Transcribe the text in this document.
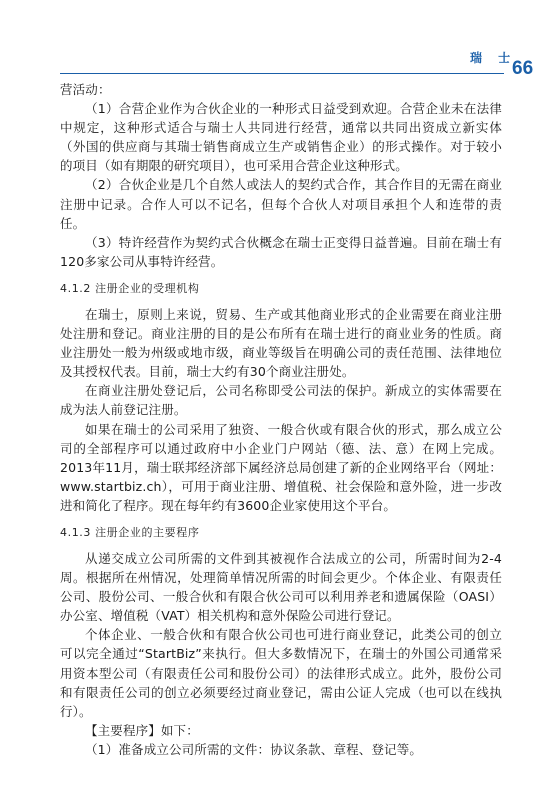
瑞 士
66

营活动：

（1）合营企业作为合伙企业的一种形式日益受到欢迎。合营企业未在法律中规定，这种形式适合与瑞士人共同进行经营，通常以共同出资成立新实体（外国的供应商与其瑞士销售商成立生产或销售企业）的形式操作。对于较小的项目（如有期限的研究项目），也可采用合营企业这种形式。

（2）合伙企业是几个自然人或法人的契约式合作，其合作目的无需在商业注册中记录。合作人可以不记名，但每个合伙人对项目承担个人和连带的责任。

（3）特许经营作为契约式合伙概念在瑞士正变得日益普遍。目前在瑞士有120多家公司从事特许经营。

4.1.2 注册企业的受理机构

在瑞士，原则上来说，贸易、生产或其他商业形式的企业需要在商业注册处注册和登记。商业注册的目的是公布所有在瑞士进行的商业业务的性质。商业注册处一般为州级或地市级，商业等级旨在明确公司的责任范围、法律地位及其授权代表。目前，瑞士大约有30个商业注册处。

在商业注册处登记后，公司名称即受公司法的保护。新成立的实体需要在成为法人前登记注册。

如果在瑞士的公司采用了独资、一般合伙或有限合伙的形式，那么成立公司的全部程序可以通过政府中小企业门户网站（德、法、意）在网上完成。2013年11月，瑞士联邦经济部下属经济总局创建了新的企业网络平台（网址：www.startbiz.ch），可用于商业注册、增值税、社会保险和意外险，进一步改进和简化了程序。现在每年约有3600企业家使用这个平台。

4.1.3 注册企业的主要程序

从递交成立公司所需的文件到其被视作合法成立的公司，所需时间为2-4周。根据所在州情况，处理简单情况所需的时间会更少。个体企业、有限责任公司、股份公司、一般合伙和有限合伙公司可以利用养老和遗属保险（OASI）办公室、增值税（VAT）相关机构和意外保险公司进行登记。

个体企业、一般合伙和有限合伙公司也可进行商业登记，此类公司的创立可以完全通过“StartBiz”来执行。但大多数情况下，在瑞士的外国公司通常采用资本型公司（有限责任公司和股份公司）的法律形式成立。此外，股份公司和有限责任公司的创立必须要经过商业登记，需由公证人完成（也可以在线执行）。

【主要程序】如下：

（1）准备成立公司所需的文件：协议条款、章程、登记等。
